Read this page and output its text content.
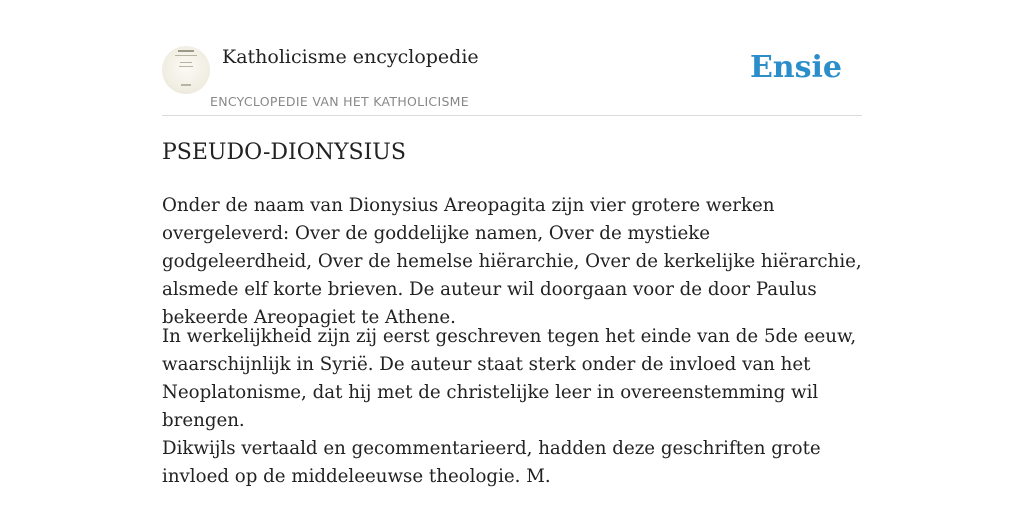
Katholicisme encyclopedie
ENCYCLOPEDIE VAN HET KATHOLICISME
Ensie
PSEUDO-DIONYSIUS

Onder de naam van Dionysius Areopagita zijn vier grotere werken overgeleverd: Over de goddelijke namen, Over de mystieke godgeleerdheid, Over de hemelse hiërarchie, Over de kerkelijke hiërarchie, alsmede elf korte brieven. De auteur wil doorgaan voor de door Paulus bekeerde Areopagiet te Athene.

In werkelijkheid zijn zij eerst geschreven tegen het einde van de 5de eeuw, waarschijnlijk in Syrië. De auteur staat sterk onder de invloed van het Neoplatonisme, dat hij met de christelijke leer in overeenstemming wil brengen.

Dikwijls vertaald en gecommentarieerd, hadden deze geschriften grote invloed op de middeleeuwse theologie. M.
